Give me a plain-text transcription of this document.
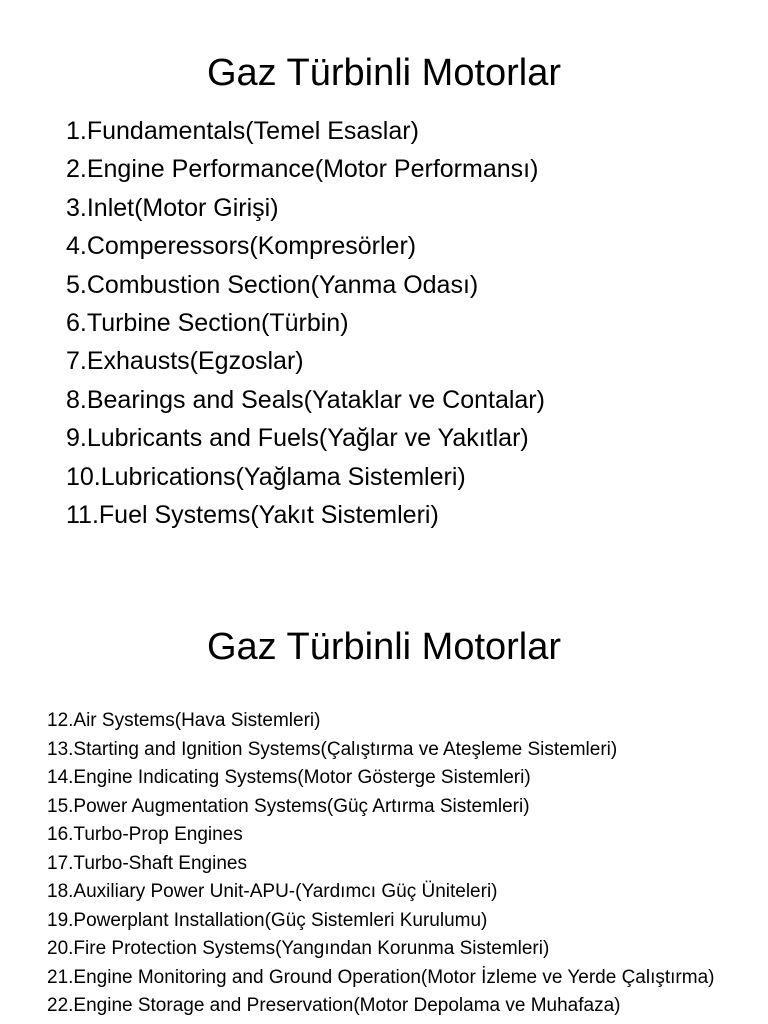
Gaz Türbinli Motorlar
1.Fundamentals(Temel Esaslar)
2.Engine Performance(Motor Performansı)
3.Inlet(Motor Girişi)
4.Comperessors(Kompresörler)
5.Combustion Section(Yanma Odası)
6.Turbine Section(Türbin)
7.Exhausts(Egzoslar)
8.Bearings and Seals(Yataklar ve Contalar)
9.Lubricants and Fuels(Yağlar ve Yakıtlar)
10.Lubrications(Yağlama Sistemleri)
11.Fuel Systems(Yakıt Sistemleri)
Gaz Türbinli Motorlar
12.Air Systems(Hava Sistemleri)
13.Starting and Ignition Systems(Çalıştırma ve Ateşleme Sistemleri)
14.Engine Indicating Systems(Motor Gösterge Sistemleri)
15.Power Augmentation Systems(Güç Artırma Sistemleri)
16.Turbo-Prop Engines
17.Turbo-Shaft Engines
18.Auxiliary Power Unit-APU-(Yardımcı Güç Üniteleri)
19.Powerplant Installation(Güç Sistemleri Kurulumu)
20.Fire Protection Systems(Yangından Korunma Sistemleri)
21.Engine Monitoring and Ground Operation(Motor İzleme ve Yerde Çalıştırma)
22.Engine Storage and Preservation(Motor Depolama ve Muhafaza)
